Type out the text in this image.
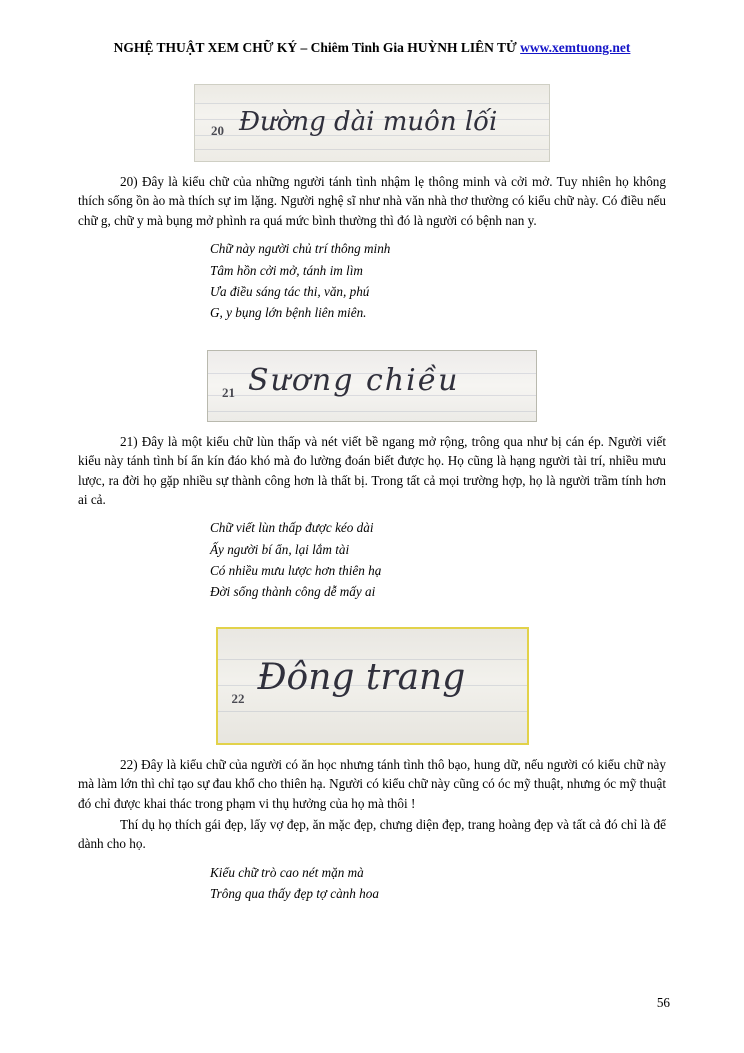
NGHỆ THUẬT XEM CHỮ KÝ – Chiêm Tinh Gia HUỲNH LIÊN TỬ www.xemtuong.net
20 Đường dài muôn lối

20) Đây là kiểu chữ của những người tánh tình nhậm lẹ thông minh và cởi mở. Tuy nhiên họ không thích sống ồn ào mà thích sự im lặng. Người nghệ sĩ như nhà văn nhà thơ thường có kiểu chữ này. Có điều nếu chữ g, chữ y mà bụng mở phình ra quá mức bình thường thì đó là người có bệnh nan y.

Chữ này người chủ trí thông minh
Tâm hồn cởi mở, tánh im lìm
Ưa điều sáng tác thi, văn, phú
G, y bụng lớn bệnh liên miên.
21 Sương chiều

21) Đây là một kiểu chữ lùn thấp và nét viết bề ngang mở rộng, trông qua như bị cán ép. Người viết kiểu này tánh tình bí ẩn kín đáo khó mà đo lường đoán biết được họ. Họ cũng là hạng người tài trí, nhiều mưu lược, ra đời họ gặp nhiều sự thành công hơn là thất bị. Trong tất cả mọi trường hợp, họ là người trầm tính hơn ai cả.

Chữ viết lùn thấp được kéo dài
Ấy người bí ẩn, lại lắm tài
Có nhiều mưu lược hơn thiên hạ
Đời sống thành công dễ mấy ai
22
Đông trang

22) Đây là kiểu chữ của người có ăn học nhưng tánh tình thô bạo, hung dữ, nếu người có kiểu chữ này mà làm lớn thì chỉ tạo sự đau khổ cho thiên hạ. Người có kiểu chữ này cũng có óc mỹ thuật, nhưng óc mỹ thuật đó chỉ được khai thác trong phạm vi thụ hưởng của họ mà thôi !

Thí dụ họ thích gái đẹp, lấy vợ đẹp, ăn mặc đẹp, chưng diện đẹp, trang hoàng đẹp và tất cả đó chỉ là để dành cho họ.

Kiểu chữ trò cao nét mặn mà
Trông qua thấy đẹp tợ cành hoa
56
